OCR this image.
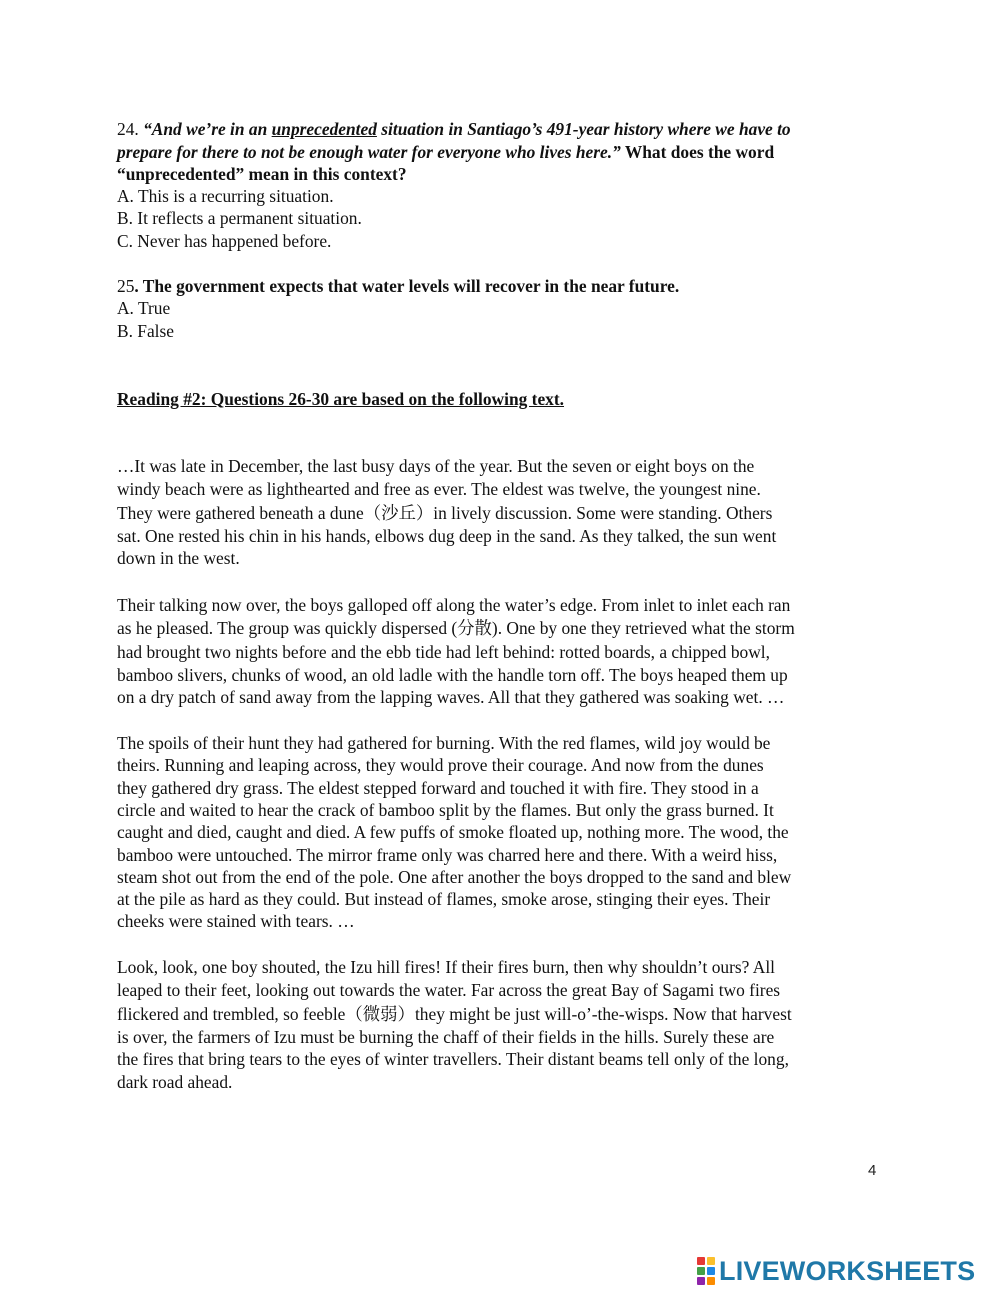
24. “And we’re in an unprecedented situation in Santiago’s 491-year history where we have to

prepare for there to not be enough water for everyone who lives here.” What does the word

“unprecedented” mean in this context?

A. This is a recurring situation.

B. It reflects a permanent situation.

C. Never has happened before.

25. The government expects that water levels will recover in the near future.

A. True

B. False

Reading #2: Questions 26-30 are based on the following text.

…It was late in December, the last busy days of the year. But the seven or eight boys on the

windy beach were as lighthearted and free as ever. The eldest was twelve, the youngest nine.

They were gathered beneath a dune（沙丘）in lively discussion. Some were standing. Others

sat. One rested his chin in his hands, elbows dug deep in the sand. As they talked, the sun went

down in the west.

Their talking now over, the boys galloped off along the water’s edge. From inlet to inlet each ran

as he pleased. The group was quickly dispersed (分散). One by one they retrieved what the storm

had brought two nights before and the ebb tide had left behind: rotted boards, a chipped bowl,

bamboo slivers, chunks of wood, an old ladle with the handle torn off. The boys heaped them up

on a dry patch of sand away from the lapping waves. All that they gathered was soaking wet. …

The spoils of their hunt they had gathered for burning. With the red flames, wild joy would be

theirs. Running and leaping across, they would prove their courage. And now from the dunes

they gathered dry grass. The eldest stepped forward and touched it with fire. They stood in a

circle and waited to hear the crack of bamboo split by the flames. But only the grass burned. It

caught and died, caught and died. A few puffs of smoke floated up, nothing more. The wood, the

bamboo were untouched. The mirror frame only was charred here and there. With a weird hiss,

steam shot out from the end of the pole. One after another the boys dropped to the sand and blew

at the pile as hard as they could. But instead of flames, smoke arose, stinging their eyes. Their

cheeks were stained with tears. …

Look, look, one boy shouted, the Izu hill fires! If their fires burn, then why shouldn’t ours? All

leaped to their feet, looking out towards the water. Far across the great Bay of Sagami two fires

flickered and trembled, so feeble（微弱）they might be just will-o’-the-wisps. Now that harvest

is over, the farmers of Izu must be burning the chaff of their fields in the hills. Surely these are

the fires that bring tears to the eyes of winter travellers. Their distant beams tell only of the long,

dark road ahead.

4
LIVEWORKSHEETS
